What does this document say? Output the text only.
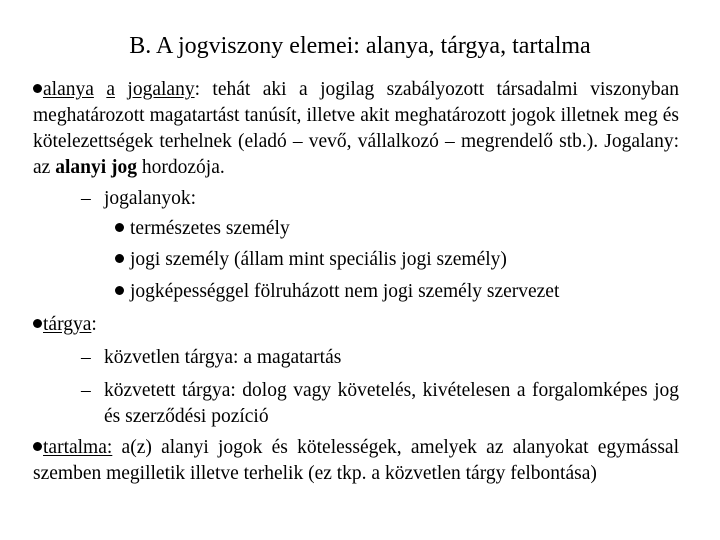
B. A jogviszony elemei: alanya, tárgya, tartalma
alanya a jogalany: tehát aki a jogilag szabályozott társadalmi viszonyban meghatározott magatartást tanúsít, illetve akit meghatározott jogok illetnek meg és kötelezettségek terhelnek (eladó – vevő, vállalkozó – megrendelő stb.). Jogalany: az alanyi jog hordozója.
– jogalanyok:
természetes személy
jogi személy (állam mint speciális jogi személy)
jogképességgel fölruházott nem jogi személy szervezet
tárgya:
– közvetlen tárgya: a magatartás
– közvetett tárgya: dolog vagy követelés, kivételesen a forgalomképes jog és szerződési pozíció
tartalma: a(z) alanyi jogok és kötelességek, amelyek az alanyokat egymással szemben megilletik illetve terhelik (ez tkp. a közvetlen tárgy felbontása)
